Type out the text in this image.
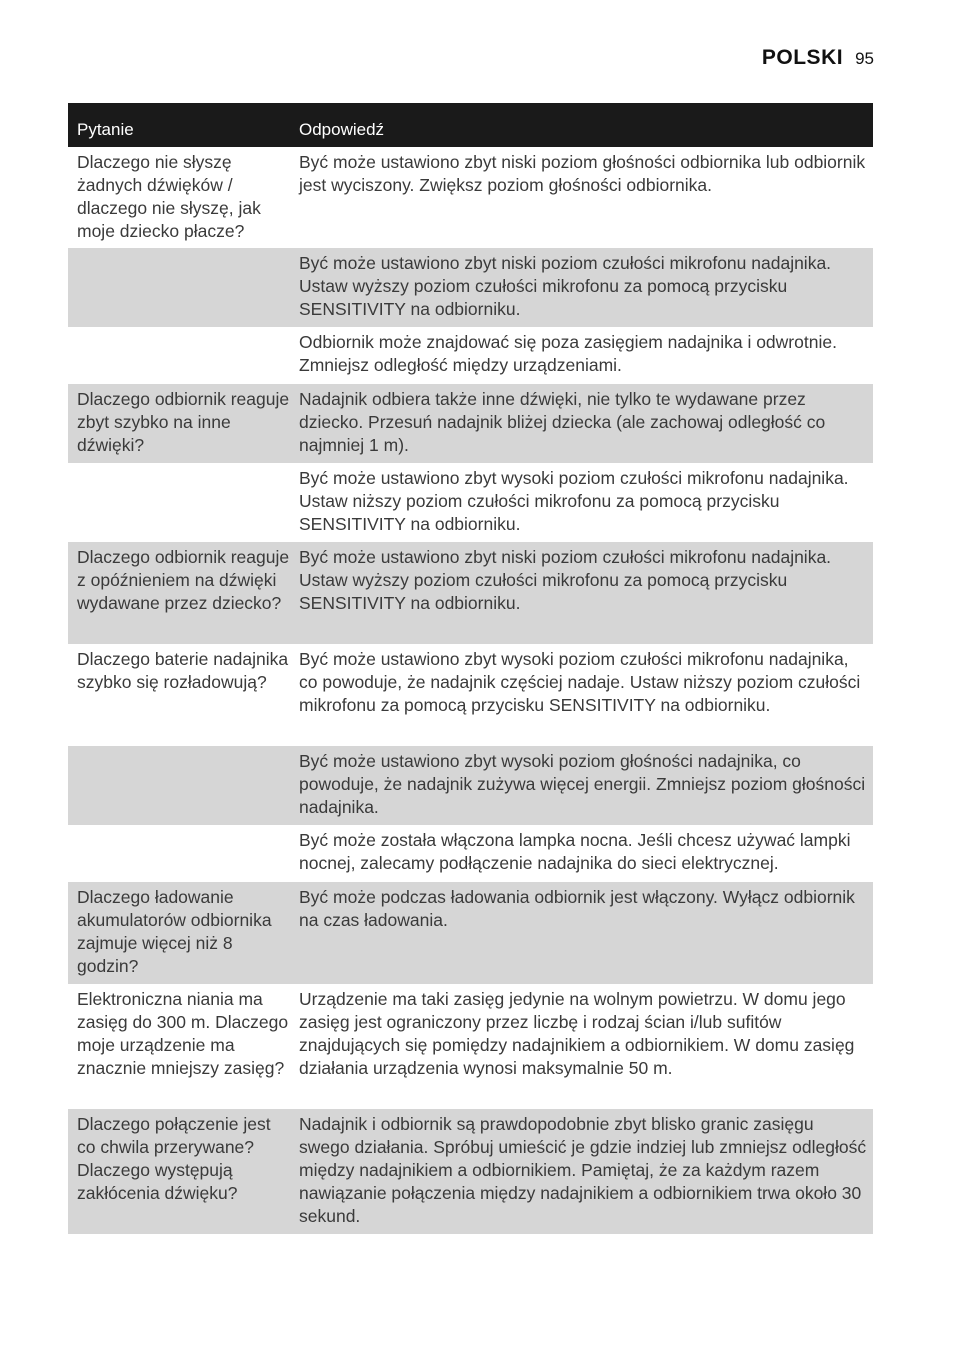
POLSKI 95
Pytanie	Odpowiedź
Dlaczego nie słyszę żadnych dźwięków / dlaczego nie słyszę, jak moje dziecko płacze?
Być może ustawiono zbyt niski poziom głośności odbiornika lub odbiornik jest wyciszony. Zwiększ poziom głośności odbiornika.
Być może ustawiono zbyt niski poziom czułości mikrofonu nadajnika. Ustaw wyższy poziom czułości mikrofonu za pomocą przycisku SENSITIVITY na odbiorniku.
Odbiornik może znajdować się poza zasięgiem nadajnika i odwrotnie. Zmniejsz odległość między urządzeniami.
Dlaczego odbiornik reaguje zbyt szybko na inne dźwięki?
Nadajnik odbiera także inne dźwięki, nie tylko te wydawane przez dziecko. Przesuń nadajnik bliżej dziecka (ale zachowaj odległość co najmniej 1 m).
Być może ustawiono zbyt wysoki poziom czułości mikrofonu nadajnika. Ustaw niższy poziom czułości mikrofonu za pomocą przycisku SENSITIVITY na odbiorniku.
Dlaczego odbiornik reaguje z opóźnieniem na dźwięki wydawane przez dziecko?
Być może ustawiono zbyt niski poziom czułości mikrofonu nadajnika. Ustaw wyższy poziom czułości mikrofonu za pomocą przycisku SENSITIVITY na odbiorniku.
Dlaczego baterie nadajnika szybko się rozładowują?
Być może ustawiono zbyt wysoki poziom czułości mikrofonu nadajnika, co powoduje, że nadajnik częściej nadaje. Ustaw niższy poziom czułości mikrofonu za pomocą przycisku SENSITIVITY na odbiorniku.
Być może ustawiono zbyt wysoki poziom głośności nadajnika, co powoduje, że nadajnik zużywa więcej energii. Zmniejsz poziom głośności nadajnika.
Być może została włączona lampka nocna. Jeśli chcesz używać lampki nocnej, zalecamy podłączenie nadajnika do sieci elektrycznej.
Dlaczego ładowanie akumulatorów odbiornika zajmuje więcej niż 8 godzin?
Być może podczas ładowania odbiornik jest włączony. Wyłącz odbiornik na czas ładowania.
Elektroniczna niania ma zasięg do 300 m. Dlaczego moje urządzenie ma znacznie mniejszy zasięg?
Urządzenie ma taki zasięg jedynie na wolnym powietrzu. W domu jego zasięg jest ograniczony przez liczbę i rodzaj ścian i/lub sufitów znajdujących się pomiędzy nadajnikiem a odbiornikiem. W domu zasięg działania urządzenia wynosi maksymalnie 50 m.
Dlaczego połączenie jest co chwila przerywane? Dlaczego występują zakłócenia dźwięku?
Nadajnik i odbiornik są prawdopodobnie zbyt blisko granic zasięgu swego działania. Spróbuj umieścić je gdzie indziej lub zmniejsz odległość między nadajnikiem a odbiornikiem. Pamiętaj, że za każdym razem nawiązanie połączenia między nadajnikiem a odbiornikiem trwa około 30 sekund.
